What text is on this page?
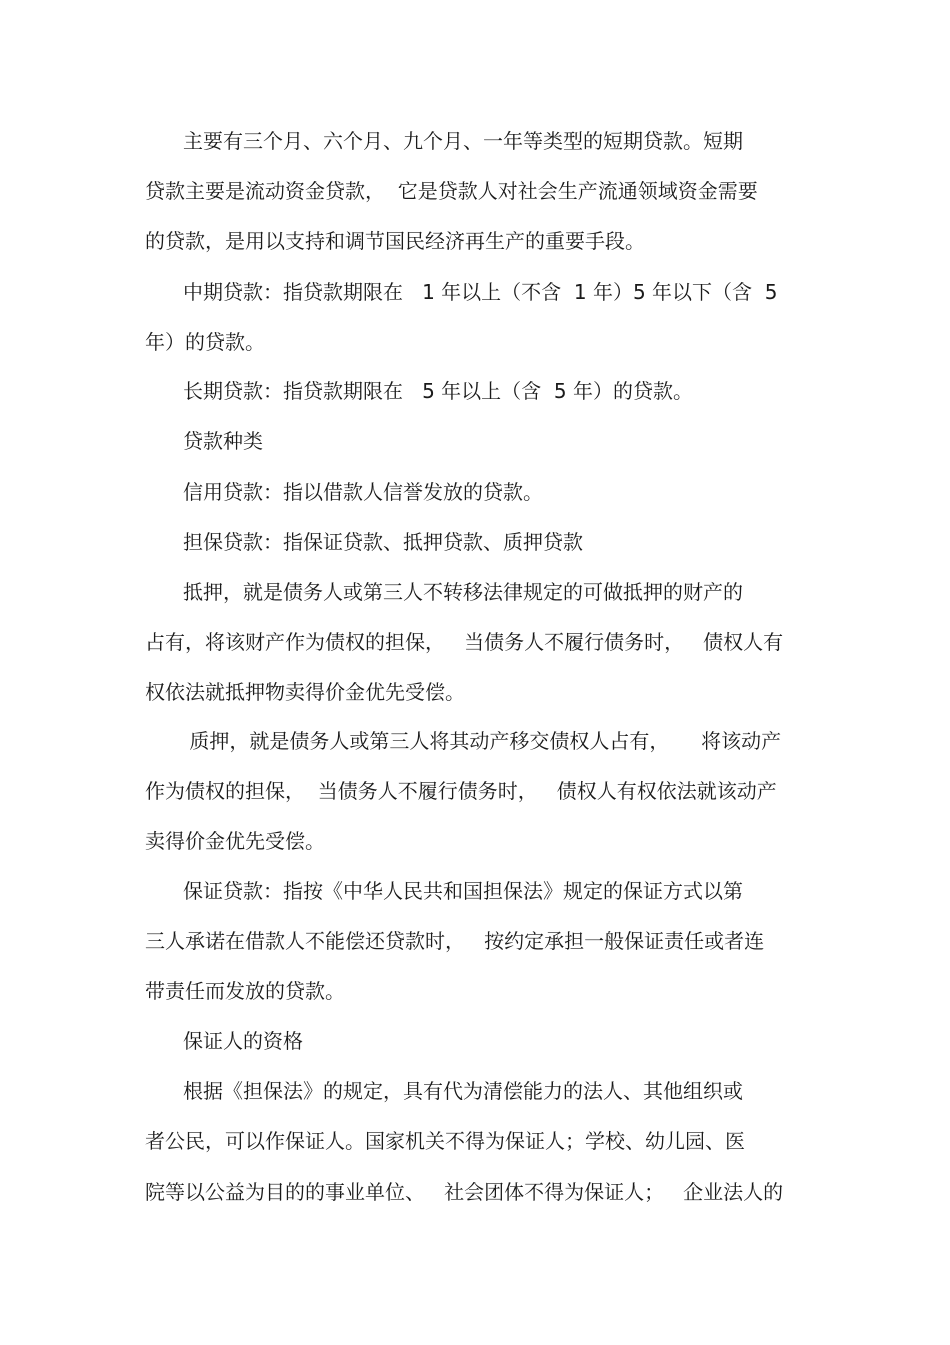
主要有三个月、六个月、九个月、一年等类型的短期贷款。短期
贷款主要是流动资金贷款，  它是贷款人对社会生产流通领域资金需要
的贷款，是用以支持和调节国民经济再生产的重要手段。
中期贷款：指贷款期限在   1 年以上（不含  1 年）5 年以下（含  5
年）的贷款。
长期贷款：指贷款期限在   5 年以上（含  5 年）的贷款。
贷款种类
信用贷款：指以借款人信誉发放的贷款。
担保贷款：指保证贷款、抵押贷款、质押贷款
抵押，就是债务人或第三人不转移法律规定的可做抵押的财产的
占有，将该财产作为债权的担保，   当债务人不履行债务时，   债权人有
权依法就抵押物卖得价金优先受偿。
质押，就是债务人或第三人将其动产移交债权人占有，     将该动产
作为债权的担保，  当债务人不履行债务时，   债权人有权依法就该动产
卖得价金优先受偿。
保证贷款：指按《中华人民共和国担保法》规定的保证方式以第
三人承诺在借款人不能偿还贷款时，   按约定承担一般保证责任或者连
带责任而发放的贷款。
保证人的资格
根据《担保法》的规定，具有代为清偿能力的法人、其他组织或
者公民，可以作保证人。国家机关不得为保证人；学校、幼儿园、医
院等以公益为目的的事业单位、   社会团体不得为保证人；   企业法人的
